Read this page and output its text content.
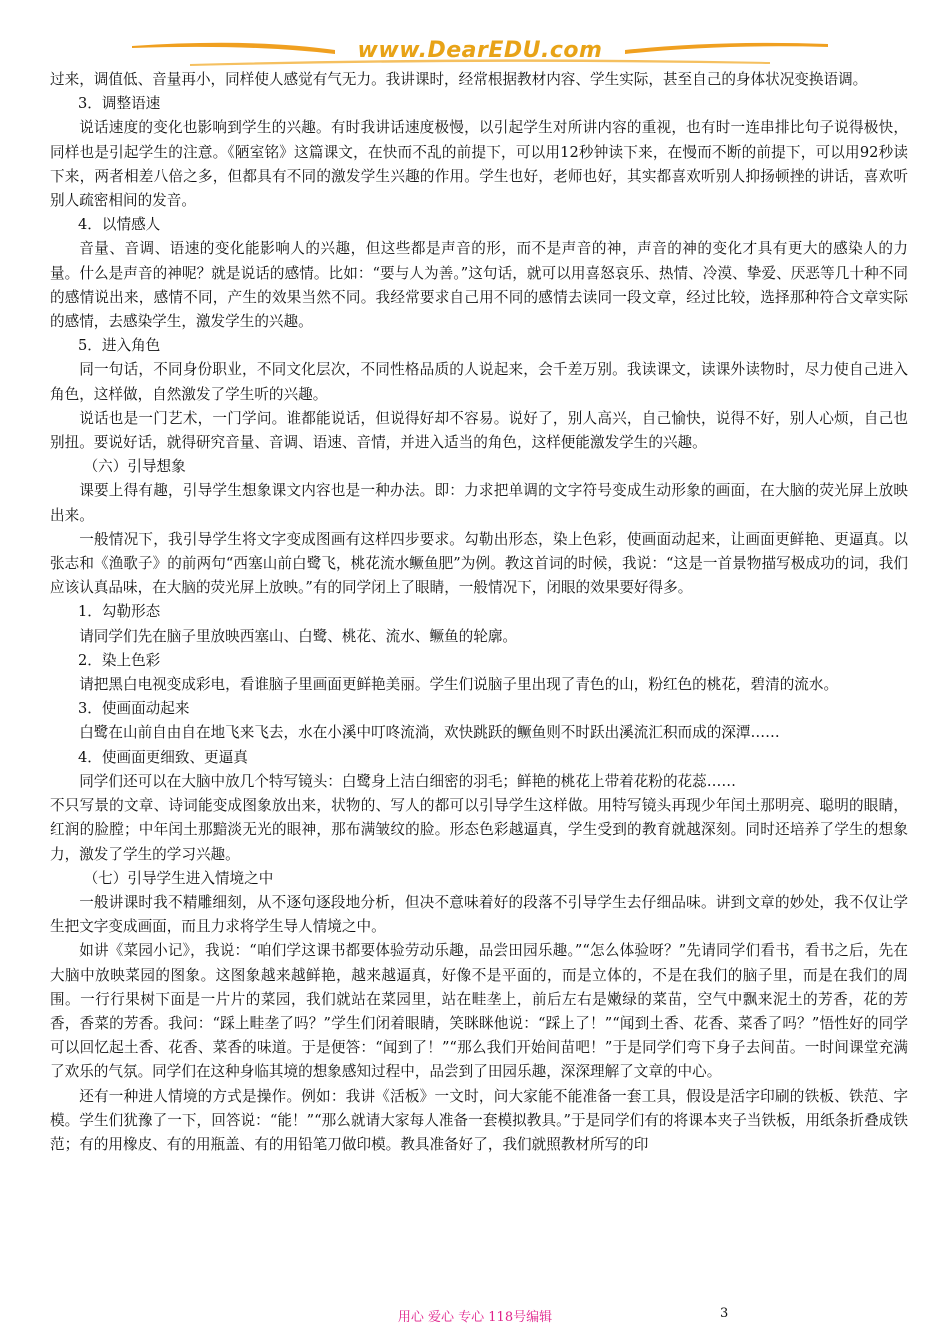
www.DearEDU.com

过来，调值低、音量再小，同样使人感觉有气无力。我讲课时，经常根据教材内容、学生实际，甚至自己的身体状况变换语调。

3．调整语速

说话速度的变化也影响到学生的兴趣。有时我讲话速度极慢，以引起学生对所讲内容的重视，也有时一连串排比句子说得极快，同样也是引起学生的注意。《陋室铭》这篇课文，在快而不乱的前提下，可以用12秒钟读下来，在慢而不断的前提下，可以用92秒读下来，两者相差八倍之多，但都具有不同的激发学生兴趣的作用。学生也好，老师也好，其实都喜欢听别人抑扬顿挫的讲话，喜欢听别人疏密相间的发音。

4．以情感人

音量、音调、语速的变化能影响人的兴趣，但这些都是声音的形，而不是声音的神，声音的神的变化才具有更大的感染人的力量。什么是声音的神呢？就是说话的感情。比如：“要与人为善。”这句话，就可以用喜怒哀乐、热情、冷漠、挚爱、厌恶等几十种不同的感情说出来，感情不同，产生的效果当然不同。我经常要求自己用不同的感情去读同一段文章，经过比较，选择那种符合文章实际的感情，去感染学生，激发学生的兴趣。

5．进入角色

同一句话，不同身份职业，不同文化层次，不同性格品质的人说起来，会千差万别。我读课文，读课外读物时，尽力使自己进入角色，这样做，自然激发了学生听的兴趣。

说话也是一门艺术，一门学问。谁都能说话，但说得好却不容易。说好了，别人高兴，自己愉快，说得不好，别人心烦，自己也别扭。要说好话，就得研究音量、音调、语速、音情，并进入适当的角色，这样便能激发学生的兴趣。

（六）引导想象

课要上得有趣，引导学生想象课文内容也是一种办法。即：力求把单调的文字符号变成生动形象的画面，在大脑的荧光屏上放映出来。

一般情况下，我引导学生将文字变成图画有这样四步要求。勾勒出形态，染上色彩，使画面动起来，让画面更鲜艳、更逼真。以张志和《渔歌子》的前两句“西塞山前白鹭飞，桃花流水鳜鱼肥”为例。教这首词的时候，我说：“这是一首景物描写极成功的词，我们应该认真品味，在大脑的荧光屏上放映。”有的同学闭上了眼睛，一般情况下，闭眼的效果要好得多。

1．勾勒形态

请同学们先在脑子里放映西塞山、白鹭、桃花、流水、鳜鱼的轮廓。

2．染上色彩

请把黑白电视变成彩电，看谁脑子里画面更鲜艳美丽。学生们说脑子里出现了青色的山，粉红色的桃花，碧清的流水。

3．使画面动起来

白鹭在山前自由自在地飞来飞去，水在小溪中叮咚流淌，欢快跳跃的鳜鱼则不时跃出溪流汇积而成的深潭……

4．使画面更细致、更逼真

同学们还可以在大脑中放几个特写镜头：白鹭身上洁白细密的羽毛；鲜艳的桃花上带着花粉的花蕊……

不只写景的文章、诗词能变成图象放出来，状物的、写人的都可以引导学生这样做。用特写镜头再现少年闰土那明亮、聪明的眼睛，红润的脸膛；中年闰土那黯淡无光的眼神，那布满皱纹的脸。形态色彩越逼真，学生受到的教育就越深刻。同时还培养了学生的想象力，激发了学生的学习兴趣。

（七）引导学生进入情境之中

一般讲课时我不精雕细刻，从不逐句逐段地分析，但决不意味着好的段落不引导学生去仔细品味。讲到文章的妙处，我不仅让学生把文字变成画面，而且力求将学生导人情境之中。

如讲《菜园小记》，我说：“咱们学这课书都要体验劳动乐趣，品尝田园乐趣。”“怎么体验呀？”先请同学们看书，看书之后，先在大脑中放映菜园的图象。这图象越来越鲜艳，越来越逼真，好像不是平面的，而是立体的，不是在我们的脑子里，而是在我们的周围。一行行果树下面是一片片的菜园，我们就站在菜园里，站在畦垄上，前后左右是嫩绿的菜苗，空气中飘来泥土的芳香，花的芳香，香菜的芳香。我问：“踩上畦垄了吗？”学生们闭着眼睛，笑眯眯他说：“踩上了！”“闻到土香、花香、菜香了吗？”悟性好的同学可以回忆起土香、花香、菜香的味道。于是便答：“闻到了！”“那么我们开始间苗吧！”于是同学们弯下身子去间苗。一时间课堂充满了欢乐的气氛。同学们在这种身临其境的想象感知过程中，品尝到了田园乐趣，深深理解了文章的中心。

还有一种进人情境的方式是操作。例如：我讲《活板》一文时，问大家能不能准备一套工具，假设是活字印刷的铁板、铁范、字模。学生们犹豫了一下，回答说：“能！”“那么就请大家每人准备一套模拟教具。”于是同学们有的将课本夹子当铁板，用纸条折叠成铁范；有的用橡皮、有的用瓶盖、有的用铅笔刀做印模。教具准备好了，我们就照教材所写的印

用心 爱心 专心 118号编辑	3
